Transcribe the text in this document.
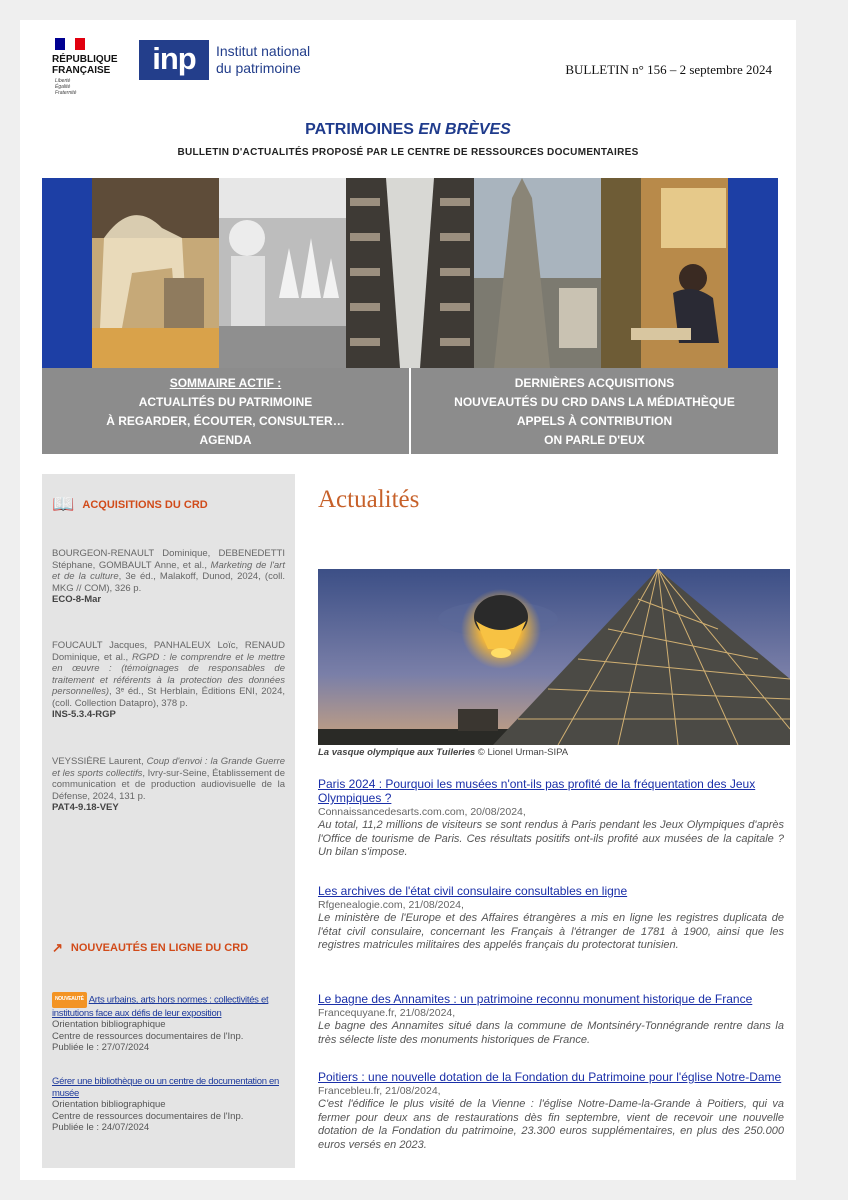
RÉPUBLIQUE
FRANÇAISE
Liberté
Égalité
Fraternité
inp	Institut national
du patrimoine	BULLETIN n° 156 – 2 septembre 2024
PATRIMOINES EN BRÈVES
BULLETIN D'ACTUALITÉS PROPOSÉ PAR LE CENTRE DE RESSOURCES DOCUMENTAIRES
SOMMAIRE ACTIF :
ACTUALITÉS DU PATRIMOINE
À REGARDER, ÉCOUTER, CONSULTER…
AGENDA
DERNIÈRES ACQUISITIONS
NOUVEAUTÉS DU CRD DANS LA MÉDIATHÈQUE
APPELS À CONTRIBUTION
ON PARLE D'EUX
📖 ACQUISITIONS DU CRD
BOURGEON-RENAULT Dominique, DEBENEDETTI Stéphane, GOMBAULT Anne, et al., Marketing de l'art et de la culture, 3e éd., Malakoff, Dunod, 2024, (coll. MKG // COM), 326 p.
ECO-8-Mar
FOUCAULT Jacques, PANHALEUX Loïc, RENAUD Dominique, et al., RGPD : le comprendre et le mettre en œuvre : (témoignages de responsables de traitement et référents à la protection des données personnelles), 3ᵉ éd., St Herblain, Éditions ENI, 2024, (coll. Collection Datapro), 378 p.
INS-5.3.4-RGP
VEYSSIÈRE Laurent, Coup d'envoi : la Grande Guerre et les sports collectifs, Ivry-sur-Seine, Établissement de communication et de production audiovisuelle de la Défense, 2024, 131 p.
PAT4-9.18-VEY
↗ NOUVEAUTÉS EN LIGNE DU CRD
NOUVEAUTÉ Arts urbains, arts hors normes : collectivités et institutions face aux défis de leur exposition
Orientation bibliographique
Centre de ressources documentaires de l'Inp.
Publiée le : 27/07/2024
Gérer une bibliothèque ou un centre de documentation en musée
Orientation bibliographique
Centre de ressources documentaires de l'Inp.
Publiée le : 24/07/2024
Actualités
La vasque olympique aux Tuileries © Lionel Urman-SIPA
Paris 2024 : Pourquoi les musées n'ont-ils pas profité de la fréquentation des Jeux Olympiques ?
Connaissancedesarts.com.com, 20/08/2024,
Au total, 11,2 millions de visiteurs se sont rendus à Paris pendant les Jeux Olympiques d'après l'Office de tourisme de Paris. Ces résultats positifs ont-ils profité aux musées de la capitale ? Un bilan s'impose.
Les archives de l'état civil consulaire consultables en ligne
Rfgenealogie.com, 21/08/2024,
Le ministère de l'Europe et des Affaires étrangères a mis en ligne les registres duplicata de l'état civil consulaire, concernant les Français à l'étranger de 1781 à 1900, ainsi que les registres matricules militaires des appelés français du protectorat tunisien.
Le bagne des Annamites : un patrimoine reconnu monument historique de France
Francequyane.fr, 21/08/2024,
Le bagne des Annamites situé dans la commune de Montsinéry-Tonnégrande rentre dans la très sélecte liste des monuments historiques de France.
Poitiers : une nouvelle dotation de la Fondation du Patrimoine pour l'église Notre-Dame
Francebleu.fr, 21/08/2024,
C'est l'édifice le plus visité de la Vienne : l'église Notre-Dame-la-Grande à Poitiers, qui va fermer pour deux ans de restaurations dès fin septembre, vient de recevoir une nouvelle dotation de la Fondation du patrimoine, 23.300 euros supplémentaires, en plus des 250.000 euros versés en 2023.
